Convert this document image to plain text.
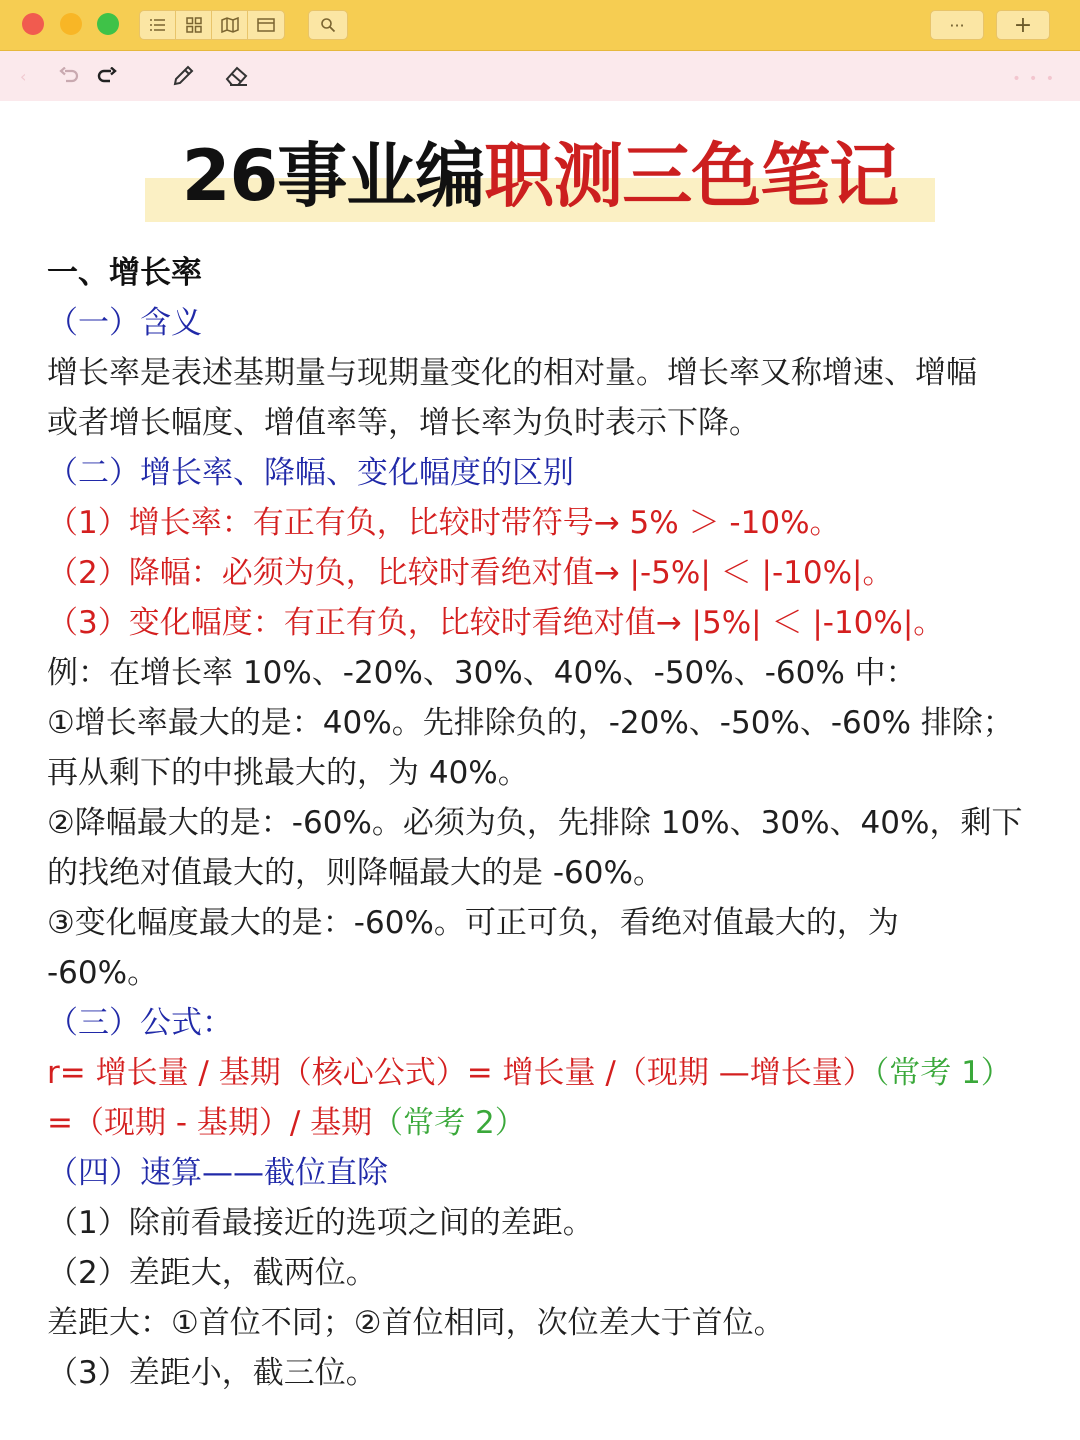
··· +
‹	• • •
26事业编职测三色笔记
一、增长率
（一）含义
增长率是表述基期量与现期量变化的相对量。增长率又称增速、增幅
或者增长幅度、增值率等，增长率为负时表示下降。
（二）增长率、降幅、变化幅度的区别
（1）增长率：有正有负，比较时带符号→ 5% ＞ -10%。
（2）降幅：必须为负，比较时看绝对值→ |-5%| ＜ |-10%|。
（3）变化幅度：有正有负，比较时看绝对值→ |5%| ＜ |-10%|。
例：在增长率 10%、-20%、30%、40%、-50%、-60% 中：
①增长率最大的是：40%。先排除负的，-20%、-50%、-60% 排除；
再从剩下的中挑最大的，为 40%。
②降幅最大的是：-60%。必须为负，先排除 10%、30%、40%，剩下
的找绝对值最大的，则降幅最大的是 -60%。
③变化幅度最大的是：-60%。可正可负，看绝对值最大的，为
-60%。
（三）公式：
r= 增长量 / 基期（核心公式）= 增长量 /（现期 —增长量）（常考 1）
=（现期 - 基期）/ 基期（常考 2）
（四）速算——截位直除
（1）除前看最接近的选项之间的差距。
（2）差距大，截两位。
差距大：①首位不同；②首位相同，次位差大于首位。
（3）差距小，截三位。
